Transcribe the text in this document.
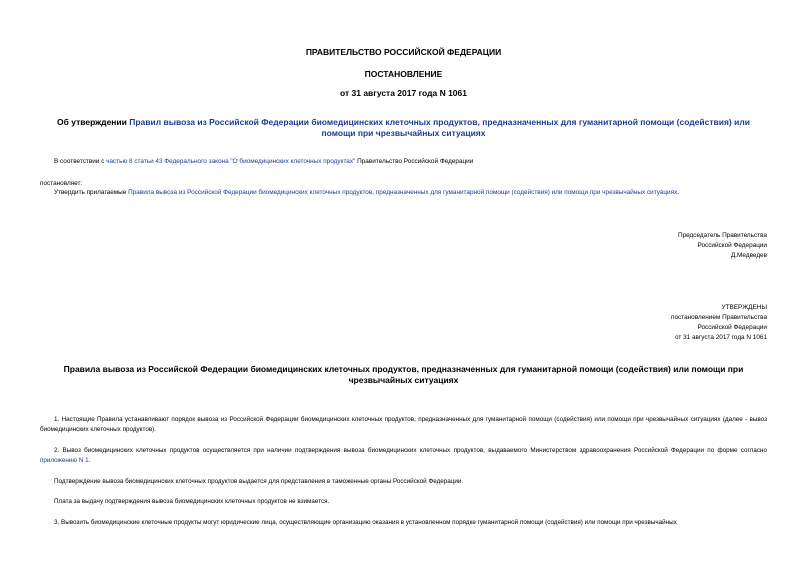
ПРАВИТЕЛЬСТВО РОССИЙСКОЙ ФЕДЕРАЦИИ
ПОСТАНОВЛЕНИЕ
от 31 августа 2017 года N 1061
Об утверждении Правил вывоза из Российской Федерации биомедицинских клеточных продуктов, предназначенных для гуманитарной помощи (содействия) или помощи при чрезвычайных ситуациях
В соответствии с частью 8 статьи 43 Федерального закона "О биомедицинских клеточных продуктах" Правительство Российской Федерации
постановляет:
Утвердить прилагаемые Правила вывоза из Российской Федерации биомедицинских клеточных продуктов, предназначенных для гуманитарной помощи (содействия) или помощи при чрезвычайных ситуациях.
Председатель Правительства
Российской Федерации
Д.Медведев
УТВЕРЖДЕНЫ
постановлением Правительства
Российской Федерации
от 31 августа 2017 года N 1061
Правила вывоза из Российской Федерации биомедицинских клеточных продуктов, предназначенных для гуманитарной помощи (содействия) или помощи при чрезвычайных ситуациях
1. Настоящие Правила устанавливают порядок вывоза из Российской Федерации биомедицинских клеточных продуктов, предназначенных для гуманитарной помощи (содействия) или помощи при чрезвычайных ситуациях (далее - вывоз биомедицинских клеточных продуктов).
2. Вывоз биомедицинских клеточных продуктов осуществляется при наличии подтверждения вывоза биомедицинских клеточных продуктов, выдаваемого Министерством здравоохранения Российской Федерации по форме согласно приложению N 1.
Подтверждение вывоза биомедицинских клеточных продуктов выдается для представления в таможенные органы Российской Федерации.
Плата за выдачу подтверждения вывоза биомедицинских клеточных продуктов не взимается.
3. Вывозить биомедицинские клеточные продукты могут юридические лица, осуществляющие организацию оказания в установленном порядке гуманитарной помощи (содействия) или помощи при чрезвычайных
